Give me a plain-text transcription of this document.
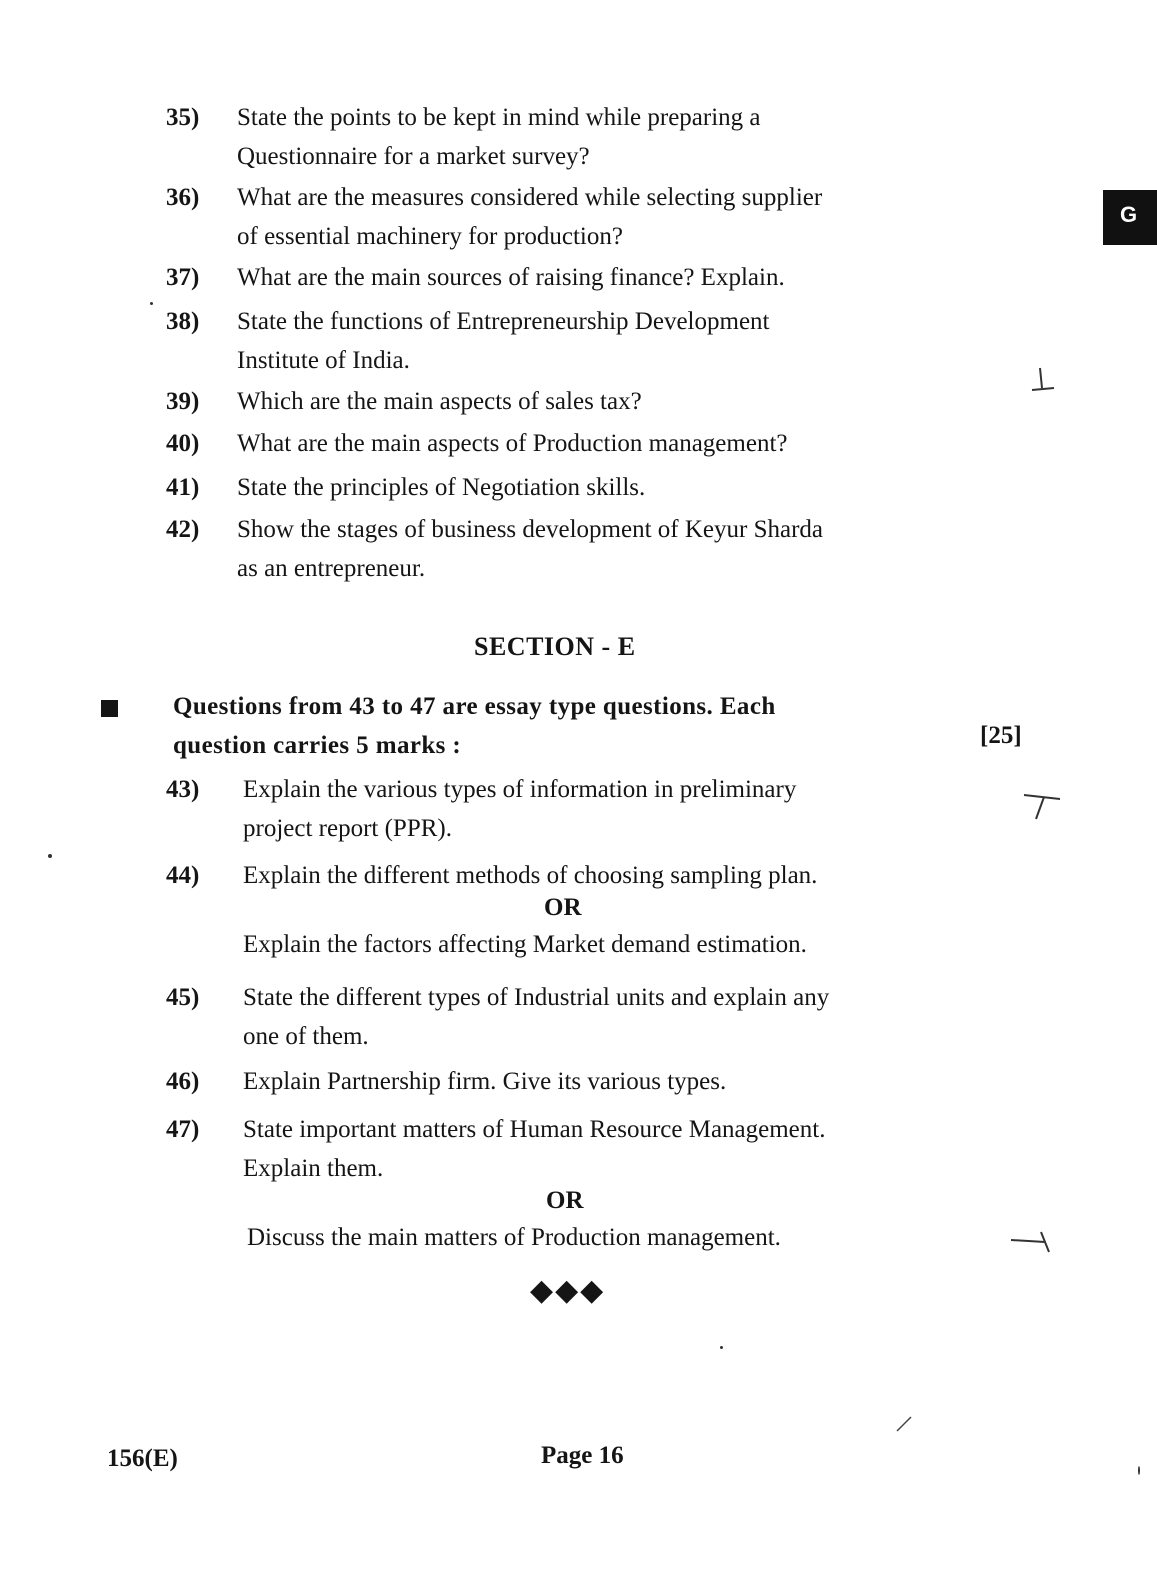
G
35) State the points to be kept in mind while preparing a
Questionnaire for a market survey?
36) What are the measures considered while selecting supplier
of essential machinery for production?
37) What are the main sources of raising finance? Explain.
38) State the functions of Entrepreneurship Development
Institute of India.
39) Which are the main aspects of sales tax?
40) What are the main aspects of Production management?
41) State the principles of Negotiation skills.
42) Show the stages of business development of Keyur Sharda
as an entrepreneur.
SECTION - E
Questions from 43 to 47 are essay type questions. Each
question carries 5 marks :	[25]
43) Explain the various types of information in preliminary
project report (PPR).
44) Explain the different methods of choosing sampling plan.
OR
Explain the factors affecting Market demand estimation.
45) State the different types of Industrial units and explain any
one of them.
46) Explain Partnership firm. Give its various types.
47) State important matters of Human Resource Management.
Explain them.
OR
Discuss the main matters of Production management.
◆◆◆
156(E)	Page 16
